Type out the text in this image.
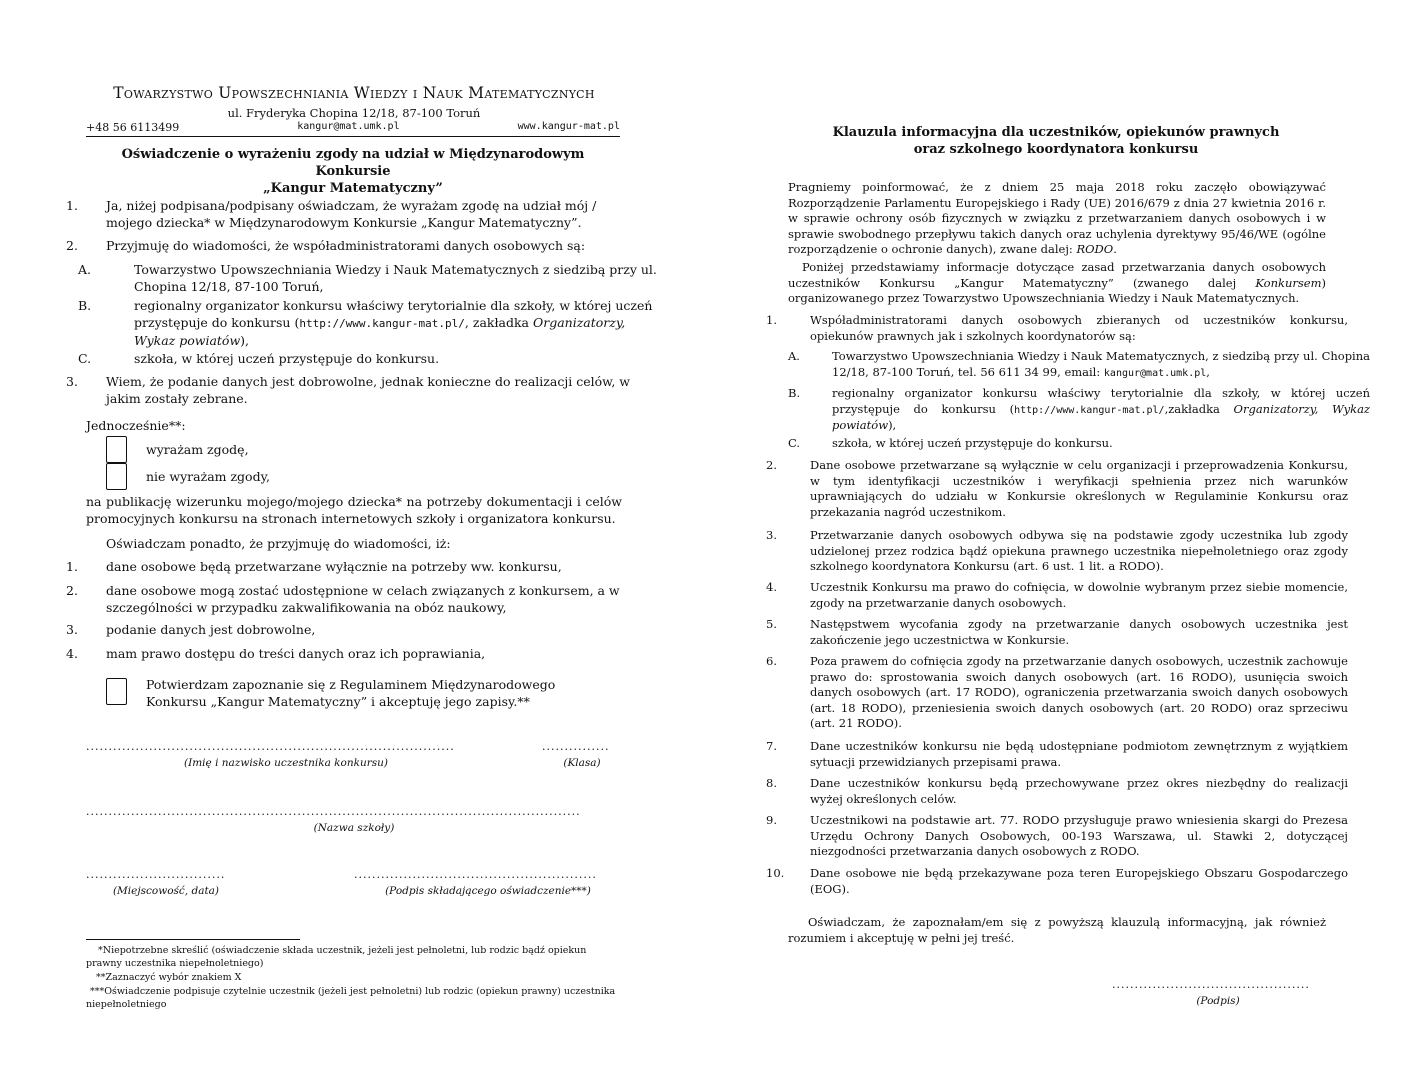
Towarzystwo Upowszechniania Wiedzy i Nauk Matematycznych
ul. Fryderyka Chopina 12/18, 87-100 Toruń
+48 56 6113499	kangur@mat.umk.pl	www.kangur-mat.pl
Oświadczenie o wyrażeniu zgody na udział w Międzynarodowym Konkursie
„Kangur Matematyczny”
1. Ja, niżej podpisana/podpisany oświadczam, że wyrażam zgodę na udział mój / mojego dziecka* w Międzynarodowym Konkursie „Kangur Matematyczny”.
2. Przyjmuję do wiadomości, że współadministratorami danych osobowych są:
A.	Towarzystwo Upowszechniania Wiedzy i Nauk Matematycznych z siedzibą przy ul. Chopina 12/18, 87-100 Toruń,
B.	regionalny organizator konkursu właściwy terytorialnie dla szkoły, w której uczeń przystępuje do konkursu (http://www.kangur-mat.pl/, zakładka Organizatorzy, Wykaz powiatów),
C.	szkoła, w której uczeń przystępuje do konkursu.
3. Wiem, że podanie danych jest dobrowolne, jednak konieczne do realizacji celów, w jakim zostały zebrane.
Jednocześnie**:
wyrażam zgodę,
nie wyrażam zgody,
na publikację wizerunku mojego/mojego dziecka* na potrzeby dokumentacji i celów promocyjnych konkursu na stronach internetowych szkoły i organizatora konkursu.
Oświadczam ponadto, że przyjmuję do wiadomości, iż:
1. dane osobowe będą przetwarzane wyłącznie na potrzeby ww. konkursu,
2. dane osobowe mogą zostać udostępnione w celach związanych z konkursem, a w szczególności w przypadku zakwalifikowania na obóz naukowy,
3. podanie danych jest dobrowolne,
4. mam prawo dostępu do treści danych oraz ich poprawiania,
Potwierdzam zapoznanie się z Regulaminem Międzynarodowego Konkursu „Kangur Matematyczny” i akceptuję jego zapisy.**
..................................................................................	...............
(Imię i nazwisko uczestnika konkursu)	(Klasa)
..............................................................................................................
(Nazwa szkoły)
...............................	......................................................
(Miejscowość, data)	(Podpis składającego oświadczenie***)
*Niepotrzebne skreślić (oświadczenie składa uczestnik, jeżeli jest pełnoletni, lub rodzic bądź opiekun prawny uczestnika niepełnoletniego)
**Zaznaczyć wybór znakiem X
***Oświadczenie podpisuje czytelnie uczestnik (jeżeli jest pełnoletni) lub rodzic (opiekun prawny) uczestnika niepełnoletniego
Klauzula informacyjna dla uczestników, opiekunów prawnych
oraz szkolnego koordynatora konkursu
Pragniemy poinformować, że z dniem 25 maja 2018 roku zaczęło obowiązywać Rozporządzenie Parlamentu Europejskiego i Rady (UE) 2016/679 z dnia 27 kwietnia 2016 r. w sprawie ochrony osób fizycznych w związku z przetwarzaniem danych osobowych i w sprawie swobodnego przepływu takich danych oraz uchylenia dyrektywy 95/46/WE (ogólne rozporządzenie o ochronie danych), zwane dalej: RODO.
Poniżej przedstawiamy informacje dotyczące zasad przetwarzania danych osobowych uczestników Konkursu „Kangur Matematyczny” (zwanego dalej Konkursem) organizowanego przez Towarzystwo Upowszechniania Wiedzy i Nauk Matematycznych.
1.	Współadministratorami danych osobowych zbieranych od uczestników konkursu, opiekunów prawnych jak i szkolnych koordynatorów są:
A.	Towarzystwo Upowszechniania Wiedzy i Nauk Matematycznych, z siedzibą przy ul. Chopina 12/18, 87-100 Toruń, tel. 56 611 34 99, email: kangur@mat.umk.pl,
B.	regionalny organizator konkursu właściwy terytorialnie dla szkoły, w której uczeń przystępuje do konkursu (http://www.kangur-mat.pl/,zakładka Organizatorzy, Wykaz powiatów),
C.	szkoła, w której uczeń przystępuje do konkursu.
2.	Dane osobowe przetwarzane są wyłącznie w celu organizacji i przeprowadzenia Konkursu, w tym identyfikacji uczestników i weryfikacji spełnienia przez nich warunków uprawniających do udziału w Konkursie określonych w Regulaminie Konkursu oraz przekazania nagród uczestnikom.
3.	Przetwarzanie danych osobowych odbywa się na podstawie zgody uczestnika lub zgody udzielonej przez rodzica bądź opiekuna prawnego uczestnika niepełnoletniego oraz zgody szkolnego koordynatora Konkursu (art. 6 ust. 1 lit. a RODO).
4.	Uczestnik Konkursu ma prawo do cofnięcia, w dowolnie wybranym przez siebie momencie, zgody na przetwarzanie danych osobowych.
5.	Następstwem wycofania zgody na przetwarzanie danych osobowych uczestnika jest zakończenie jego uczestnictwa w Konkursie.
6.	Poza prawem do cofnięcia zgody na przetwarzanie danych osobowych, uczestnik zachowuje prawo do: sprostowania swoich danych osobowych (art. 16 RODO), usunięcia swoich danych osobowych (art. 17 RODO), ograniczenia przetwarzania swoich danych osobowych (art. 18 RODO), przeniesienia swoich danych osobowych (art. 20 RODO) oraz sprzeciwu (art. 21 RODO).
7.	Dane uczestników konkursu nie będą udostępniane podmiotom zewnętrznym z wyjątkiem sytuacji przewidzianych przepisami prawa.
8.	Dane uczestników konkursu będą przechowywane przez okres niezbędny do realizacji wyżej określonych celów.
9.	Uczestnikowi na podstawie art. 77. RODO przysługuje prawo wniesienia skargi do Prezesa Urzędu Ochrony Danych Osobowych, 00-193 Warszawa, ul. Stawki 2, dotyczącej niezgodności przetwarzania danych osobowych z RODO.
10. Dane osobowe nie będą przekazywane poza teren Europejskiego Obszaru Gospodarczego (EOG).
Oświadczam, że zapoznałam/em się z powyższą klauzulą informacyjną, jak również rozumiem i akceptuję w pełni jej treść.
............................................
(Podpis)
